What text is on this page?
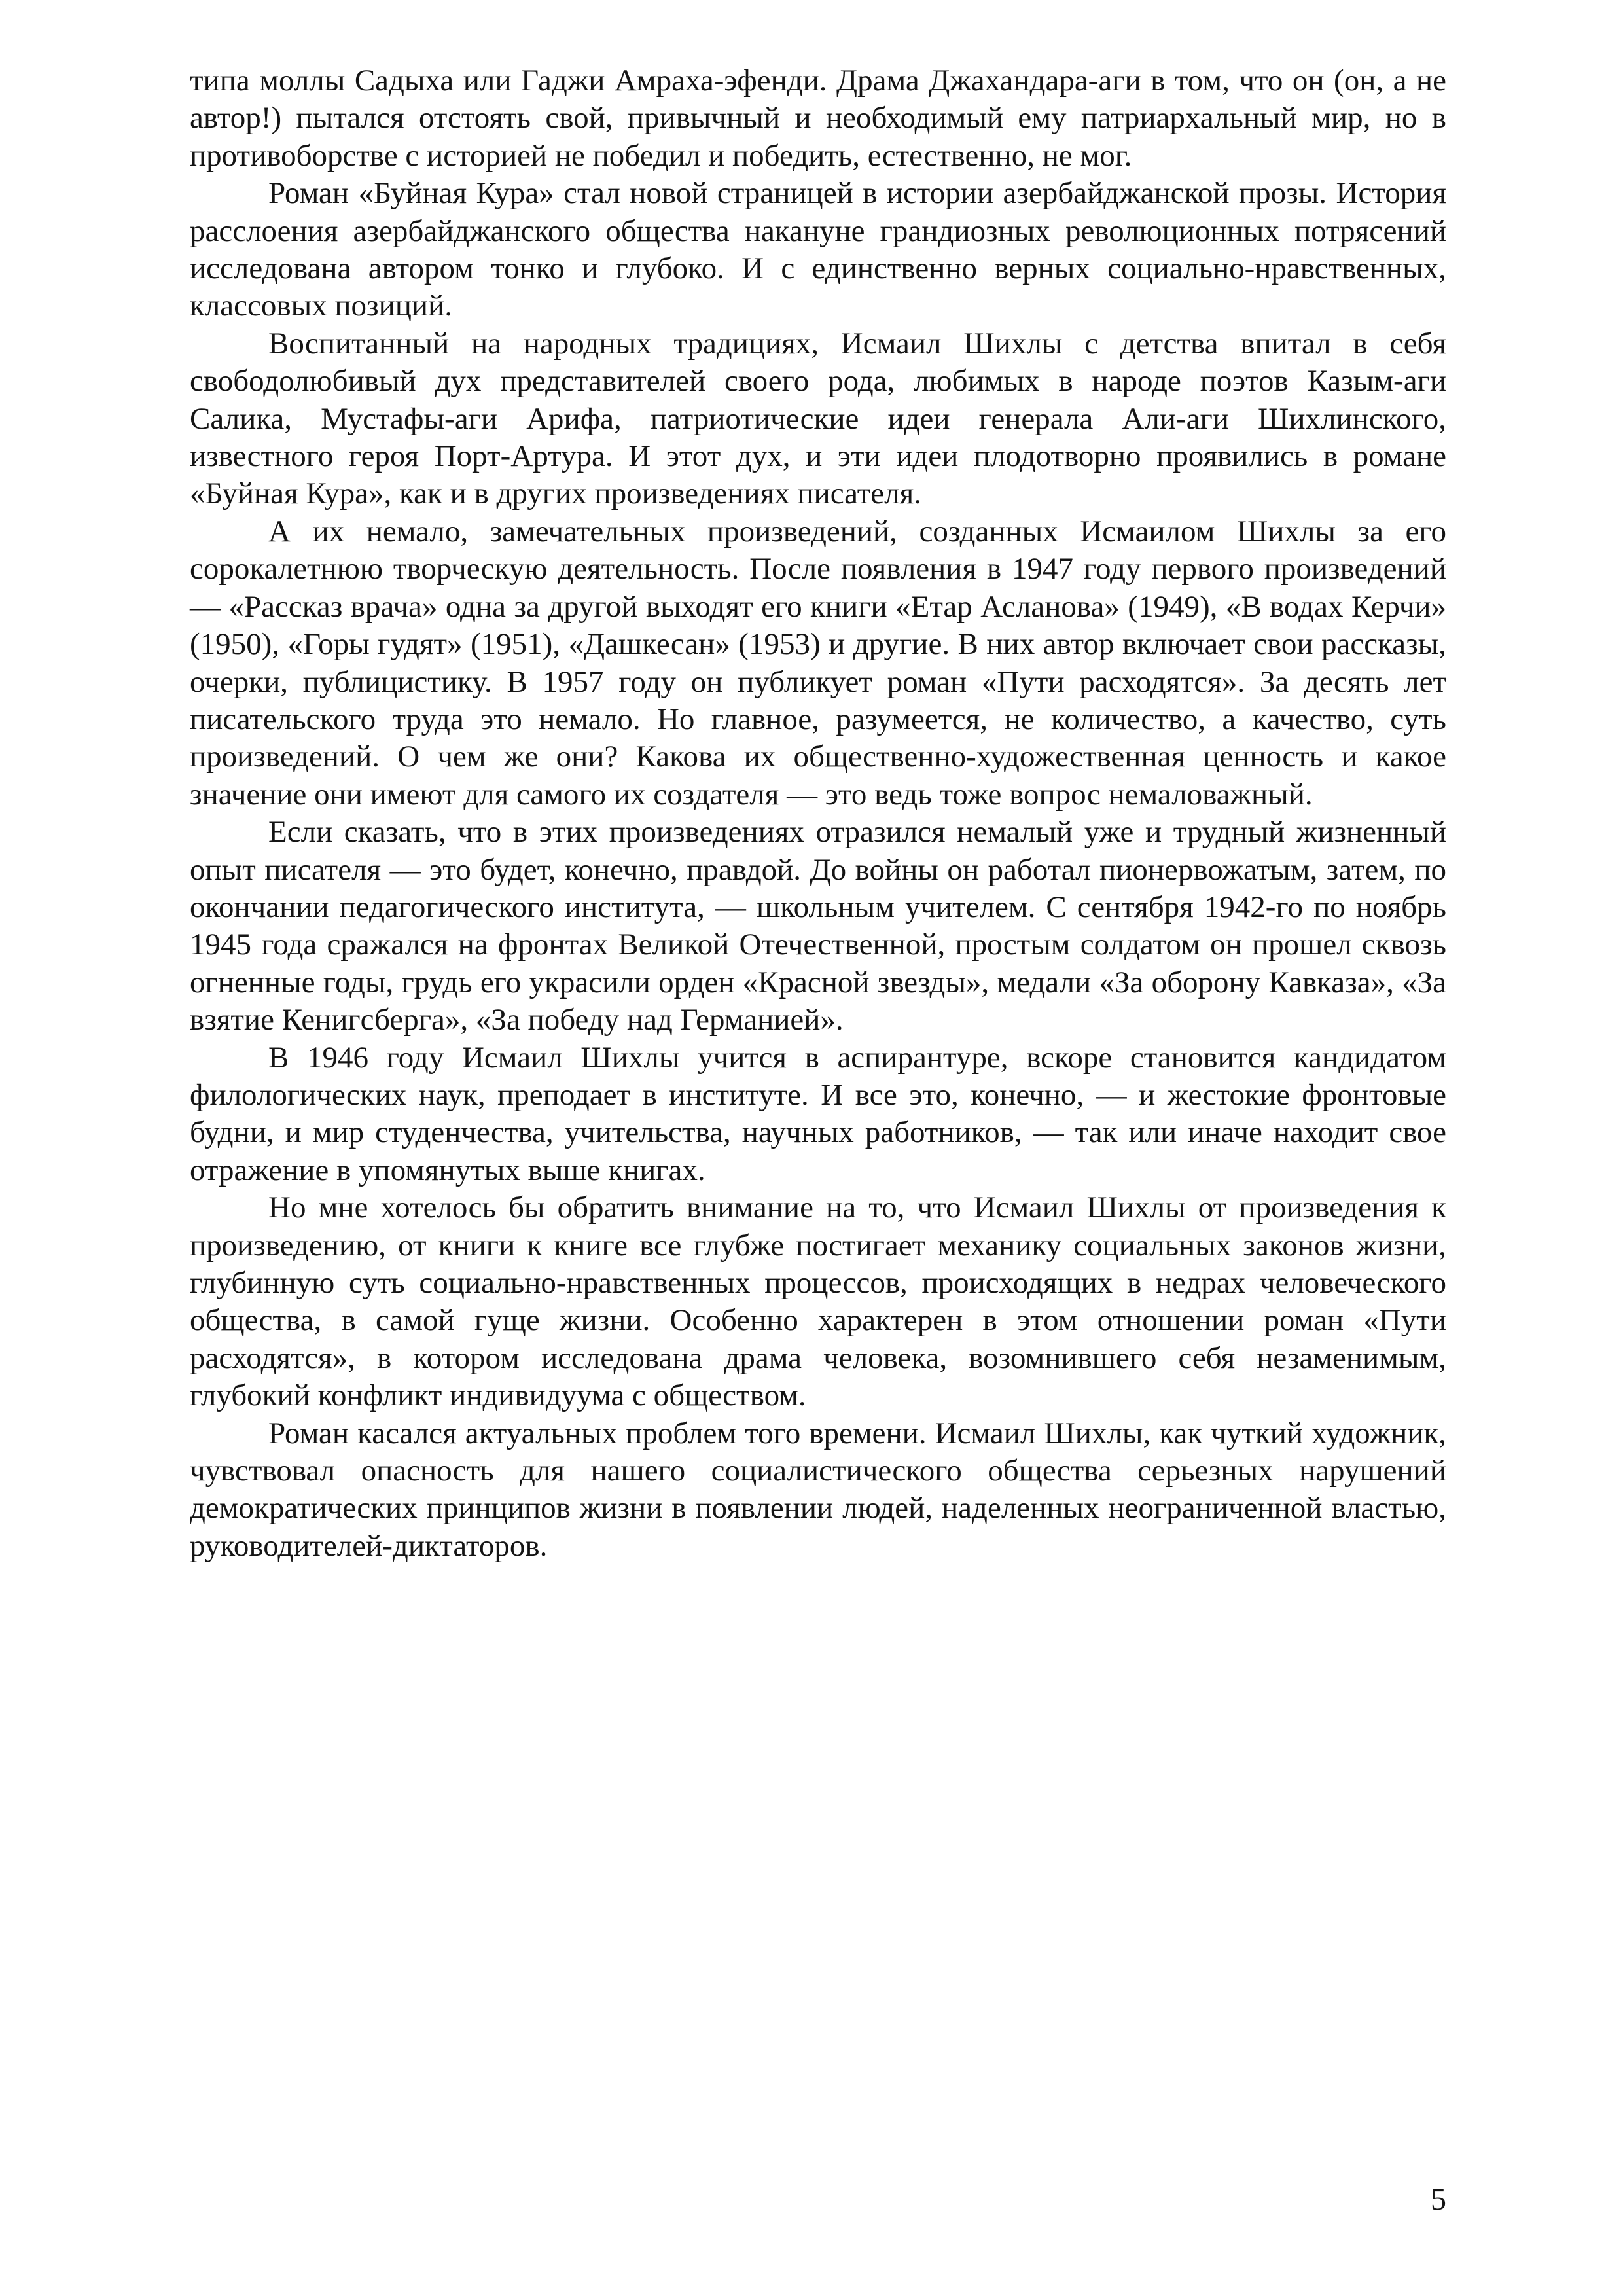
типа моллы Садыха или Гаджи Амраха-эфенди. Драма Джахандара-аги в том, что он (он, а не автор!) пытался отстоять свой, привычный и необходимый ему патриархальный мир, но в противоборстве с историей не победил и победить, естественно, не мог.

Роман «Буйная Кура» стал новой страницей в истории азербайджанской прозы. История расслоения азербайджанского общества накануне грандиозных революционных потрясений исследована автором тонко и глубоко. И с единственно верных социально-нравственных, классовых позиций.

Воспитанный на народных традициях, Исмаил Шихлы с детства впитал в себя свободолюбивый дух представителей своего рода, любимых в народе поэтов Казым-аги Салика, Мустафы-аги Арифа, патриотические идеи генерала Али-аги Шихлинского, известного героя Порт-Артура. И этот дух, и эти идеи плодотворно проявились в романе «Буйная Кура», как и в других произведениях писателя.

А их немало, замечательных произведений, созданных Исмаилом Шихлы за его сорокалетнюю творческую деятельность. После появления в 1947 году первого произведений — «Рассказ врача» одна за другой выходят его книги «Етар Асланова» (1949), «В водах Керчи» (1950), «Горы гудят» (1951), «Дашкесан» (1953) и другие. В них автор включает свои рассказы, очерки, публицистику. В 1957 году он публикует роман «Пути расходятся». За десять лет писательского труда это немало. Но главное, разумеется, не количество, а качество, суть произведений. О чем же они? Какова их общественно-художественная ценность и какое значение они имеют для самого их создателя — это ведь тоже вопрос немаловажный.

Если сказать, что в этих произведениях отразился немалый уже и трудный жизненный опыт писателя — это будет, конечно, правдой. До войны он работал пионервожатым, затем, по окончании педагогического института, — школьным учителем. С сентября 1942-го по ноябрь 1945 года сражался на фронтах Великой Отечественной, простым солдатом он прошел сквозь огненные годы, грудь его украсили орден «Красной звезды», медали «За оборону Кавказа», «За взятие Кенигсберга», «За победу над Германией».

В 1946 году Исмаил Шихлы учится в аспирантуре, вскоре становится кандидатом филологических наук, преподает в институте. И все это, конечно, — и жестокие фронтовые будни, и мир студенчества, учительства, научных работников, — так или иначе находит свое отражение в упомянутых выше книгах.

Но мне хотелось бы обратить внимание на то, что Исмаил Шихлы от произведения к произведению, от книги к книге все глубже постигает механику социальных законов жизни, глубинную суть социально-нравственных процессов, происходящих в недрах человеческого общества, в самой гуще жизни. Особенно характерен в этом отношении роман «Пути расходятся», в котором исследована драма человека, возомнившего себя незаменимым, глубокий конфликт индивидуума с обществом.

Роман касался актуальных проблем того времени. Исмаил Шихлы, как чуткий художник, чувствовал опасность для нашего социалистического общества серьезных нарушений демократических принципов жизни в появлении людей, наделенных неограниченной властью, руководителей-диктаторов.

5
